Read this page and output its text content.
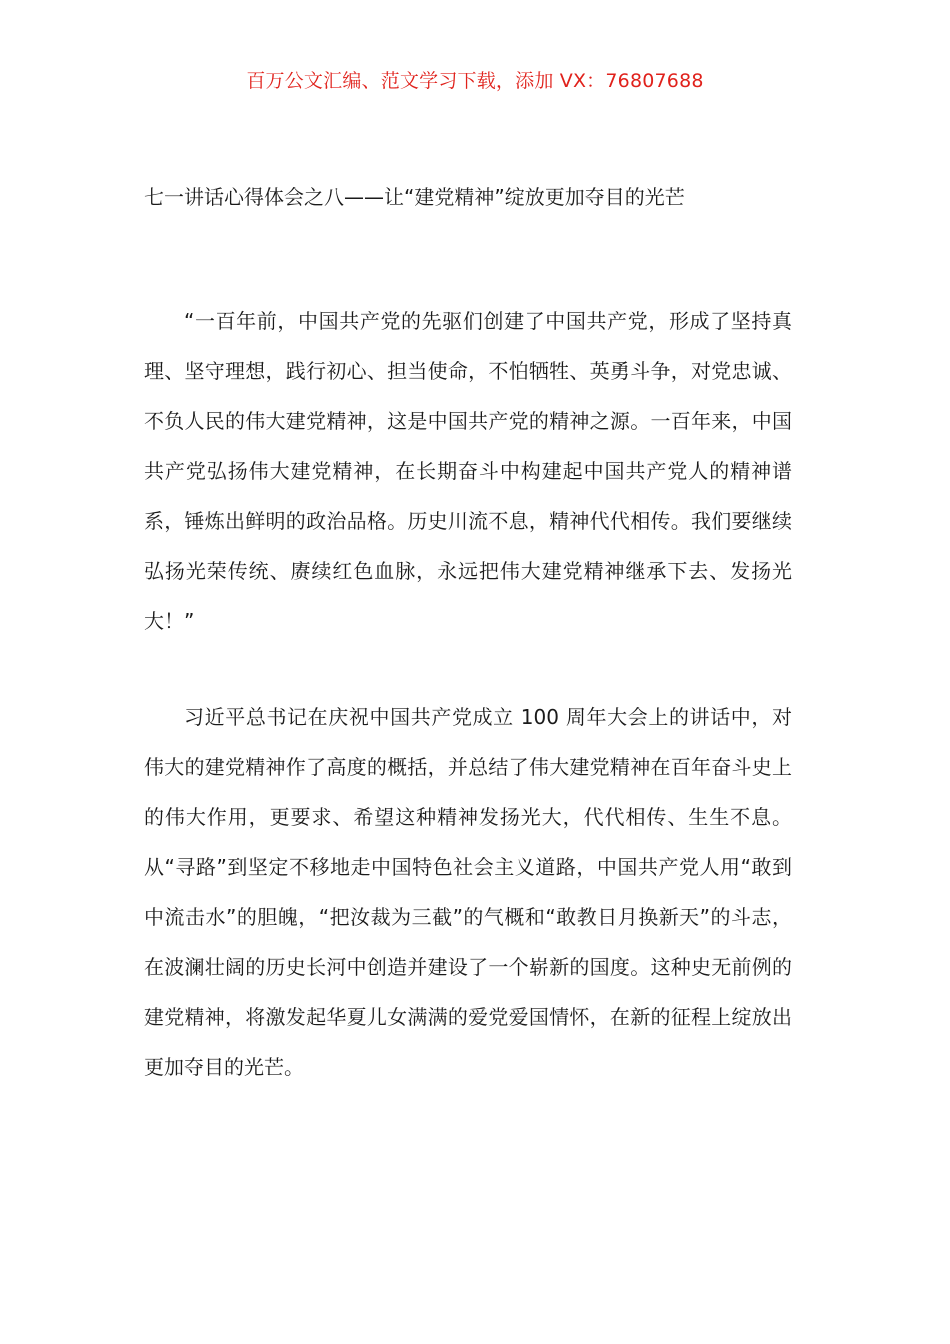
百万公文汇编、范文学习下载，添加 VX：76807688
七一讲话心得体会之八——让“建党精神”绽放更加夺目的光芒

“一百年前，中国共产党的先驱们创建了中国共产党，形成了坚持真理、坚守理想，践行初心、担当使命，不怕牺牲、英勇斗争，对党忠诚、不负人民的伟大建党精神，这是中国共产党的精神之源。一百年来，中国共产党弘扬伟大建党精神，在长期奋斗中构建起中国共产党人的精神谱系，锤炼出鲜明的政治品格。历史川流不息，精神代代相传。我们要继续弘扬光荣传统、赓续红色血脉，永远把伟大建党精神继承下去、发扬光大！”

习近平总书记在庆祝中国共产党成立 100 周年大会上的讲话中，对伟大的建党精神作了高度的概括，并总结了伟大建党精神在百年奋斗史上的伟大作用，更要求、希望这种精神发扬光大，代代相传、生生不息。从“寻路”到坚定不移地走中国特色社会主义道路，中国共产党人用“敢到中流击水”的胆魄，“把汝裁为三截”的气概和“敢教日月换新天”的斗志，在波澜壮阔的历史长河中创造并建设了一个崭新的国度。这种史无前例的建党精神，将激发起华夏儿女满满的爱党爱国情怀，在新的征程上绽放出更加夺目的光芒。
